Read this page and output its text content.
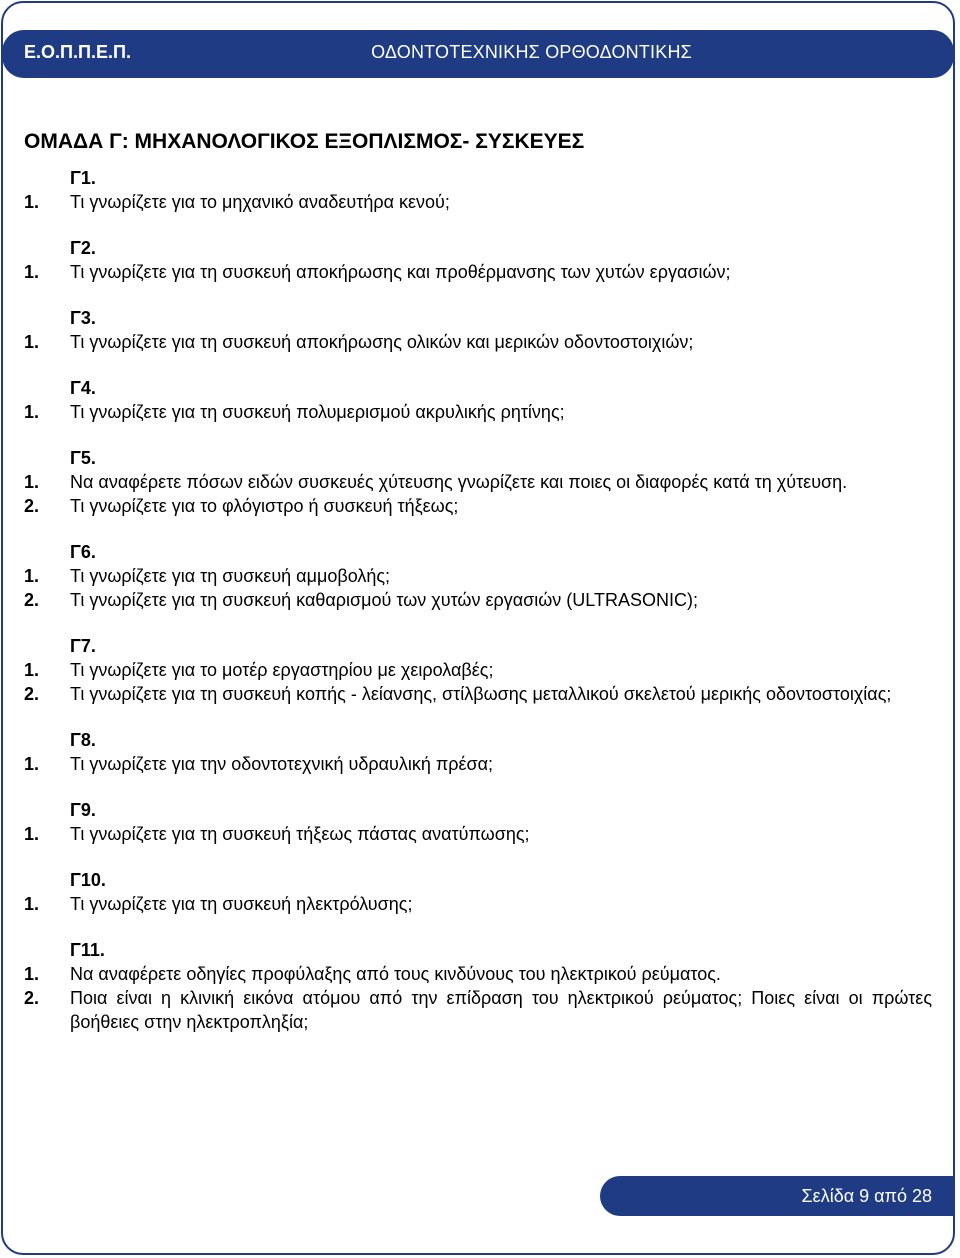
Ε.Ο.Π.Π.Ε.Π.	ΟΔΟΝΤΟΤΕΧΝΙΚΗΣ ΟΡΘΟΔΟΝΤΙΚΗΣ
ΟΜΑΔΑ Γ: ΜΗΧΑΝΟΛΟΓΙΚΟΣ ΕΞΟΠΛΙΣΜΟΣ- ΣΥΣΚΕΥΕΣ
Γ1.
1.	Τι γνωρίζετε για το μηχανικό αναδευτήρα κενού;
Γ2.
1.	Τι γνωρίζετε για τη συσκευή αποκήρωσης και προθέρμανσης των χυτών εργασιών;
Γ3.
1.	Τι γνωρίζετε για τη συσκευή αποκήρωσης ολικών και μερικών οδοντοστοιχιών;
Γ4.
1.	Τι γνωρίζετε για τη συσκευή πολυμερισμού ακρυλικής ρητίνης;
Γ5.
1.	Να αναφέρετε πόσων ειδών συσκευές χύτευσης γνωρίζετε και ποιες οι διαφορές κατά τη χύτευση.
2.	Τι γνωρίζετε για το φλόγιστρο ή συσκευή τήξεως;
Γ6.
1.	Τι γνωρίζετε για τη συσκευή αμμοβολής;
2.	Τι γνωρίζετε για τη συσκευή καθαρισμού των χυτών εργασιών (ULTRASONIC);
Γ7.
1.	Τι γνωρίζετε για το μοτέρ εργαστηρίου με χειρολαβές;
2.	Τι γνωρίζετε για τη συσκευή κοπής - λείανσης, στίλβωσης μεταλλικού σκελετού μερικής οδοντοστοιχίας;
Γ8.
1.	Τι γνωρίζετε για την οδοντοτεχνική υδραυλική πρέσα;
Γ9.
1.	Τι γνωρίζετε για τη συσκευή τήξεως πάστας ανατύπωσης;
Γ10.
1.	Τι γνωρίζετε για τη συσκευή ηλεκτρόλυσης;
Γ11.
1.	Να αναφέρετε οδηγίες προφύλαξης από τους κινδύνους του ηλεκτρικού ρεύματος.
2.	Ποια είναι η κλινική εικόνα ατόμου από την επίδραση του ηλεκτρικού ρεύματος; Ποιες είναι οι πρώτες βοήθειες στην ηλεκτροπληξία;
Σελίδα 9 από 28
